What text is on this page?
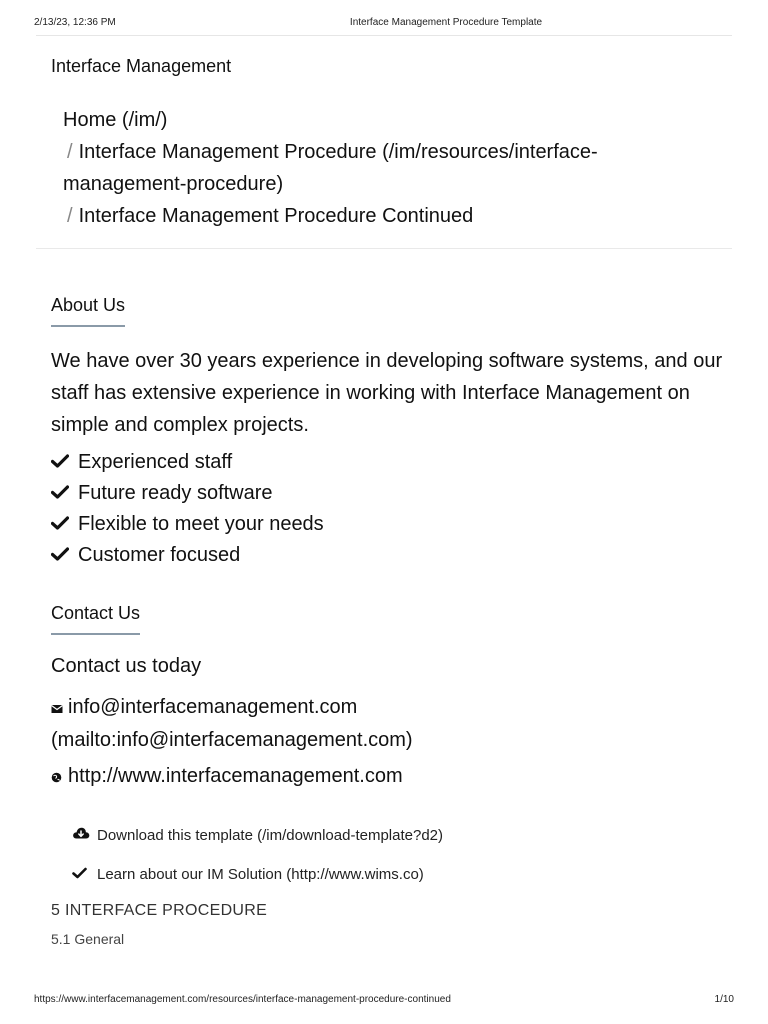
2/13/23, 12:36 PM	Interface Management Procedure Template
Interface Management
Home (/im/)
/ Interface Management Procedure (/im/resources/interface-management-procedure)
/ Interface Management Procedure Continued
About Us

We have over 30 years experience in developing software systems, and our staff has extensive experience in working with Interface Management on simple and complex projects.

Experienced staff
Future ready software
Flexible to meet your needs
Customer focused
Contact Us
Contact us today
info@interfacemanagement.com (mailto:info@interfacemanagement.com)
http://www.interfacemanagement.com
Download this template (/im/download-template?d2)
Learn about our IM Solution (http://www.wims.co)
5 INTERFACE PROCEDURE
5.1 General
https://www.interfacemanagement.com/resources/interface-management-procedure-continued	1/10
